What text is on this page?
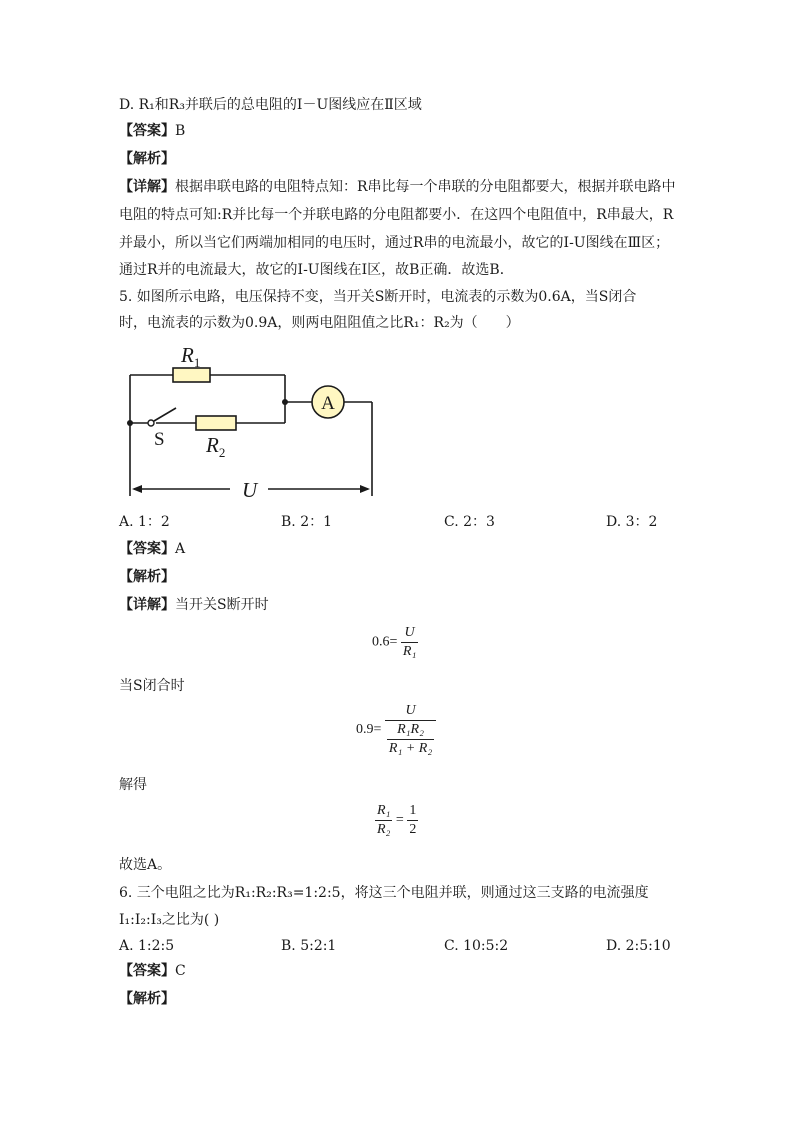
D. R₁和R₃并联后的总电阻的I－U图线应在Ⅱ区域
【答案】B
【解析】
【详解】根据串联电路的电阻特点知：R串比每一个串联的分电阻都要大，根据并联电路中
电阻的特点可知:R并比每一个并联电路的分电阻都要小．在这四个电阻值中，R串最大，R
并最小，所以当它们两端加相同的电压时，通过R串的电流最小，故它的I-U图线在Ⅲ区；
通过R并的电流最大，故它的I-U图线在Ⅰ区，故B正确．故选B．
5. 如图所示电路，电压保持不变，当开关S断开时，电流表的示数为0.6A，当S闭合
时，电流表的示数为0.9A，则两电阻阻值之比R₁：R₂为（　　）
A
$R_1$
$R_2$
S
U
A. 1：2	B. 2：1	C. 2：3	D. 3：2
【答案】A
【解析】
【详解】当开关S断开时
$0.6= \frac{U}{\text{R₁}}$
当S闭合时
$0.9= \frac{U}{\frac{\text{R₁R₂}}{\text{R₁ + R₂}}}$
解得
$\frac{\text{R₁}}{\text{R₂}} = \frac{1}{2}$
故选A。
6. 三个电阻之比为R₁:R₂:R₃=1:2:5，将这三个电阻并联，则通过这三支路的电流强度
I₁:I₂:I₃之比为( )
A. 1:2:5	B. 5:2:1	C. 10:5:2	D. 2:5:10
【答案】C
【解析】
